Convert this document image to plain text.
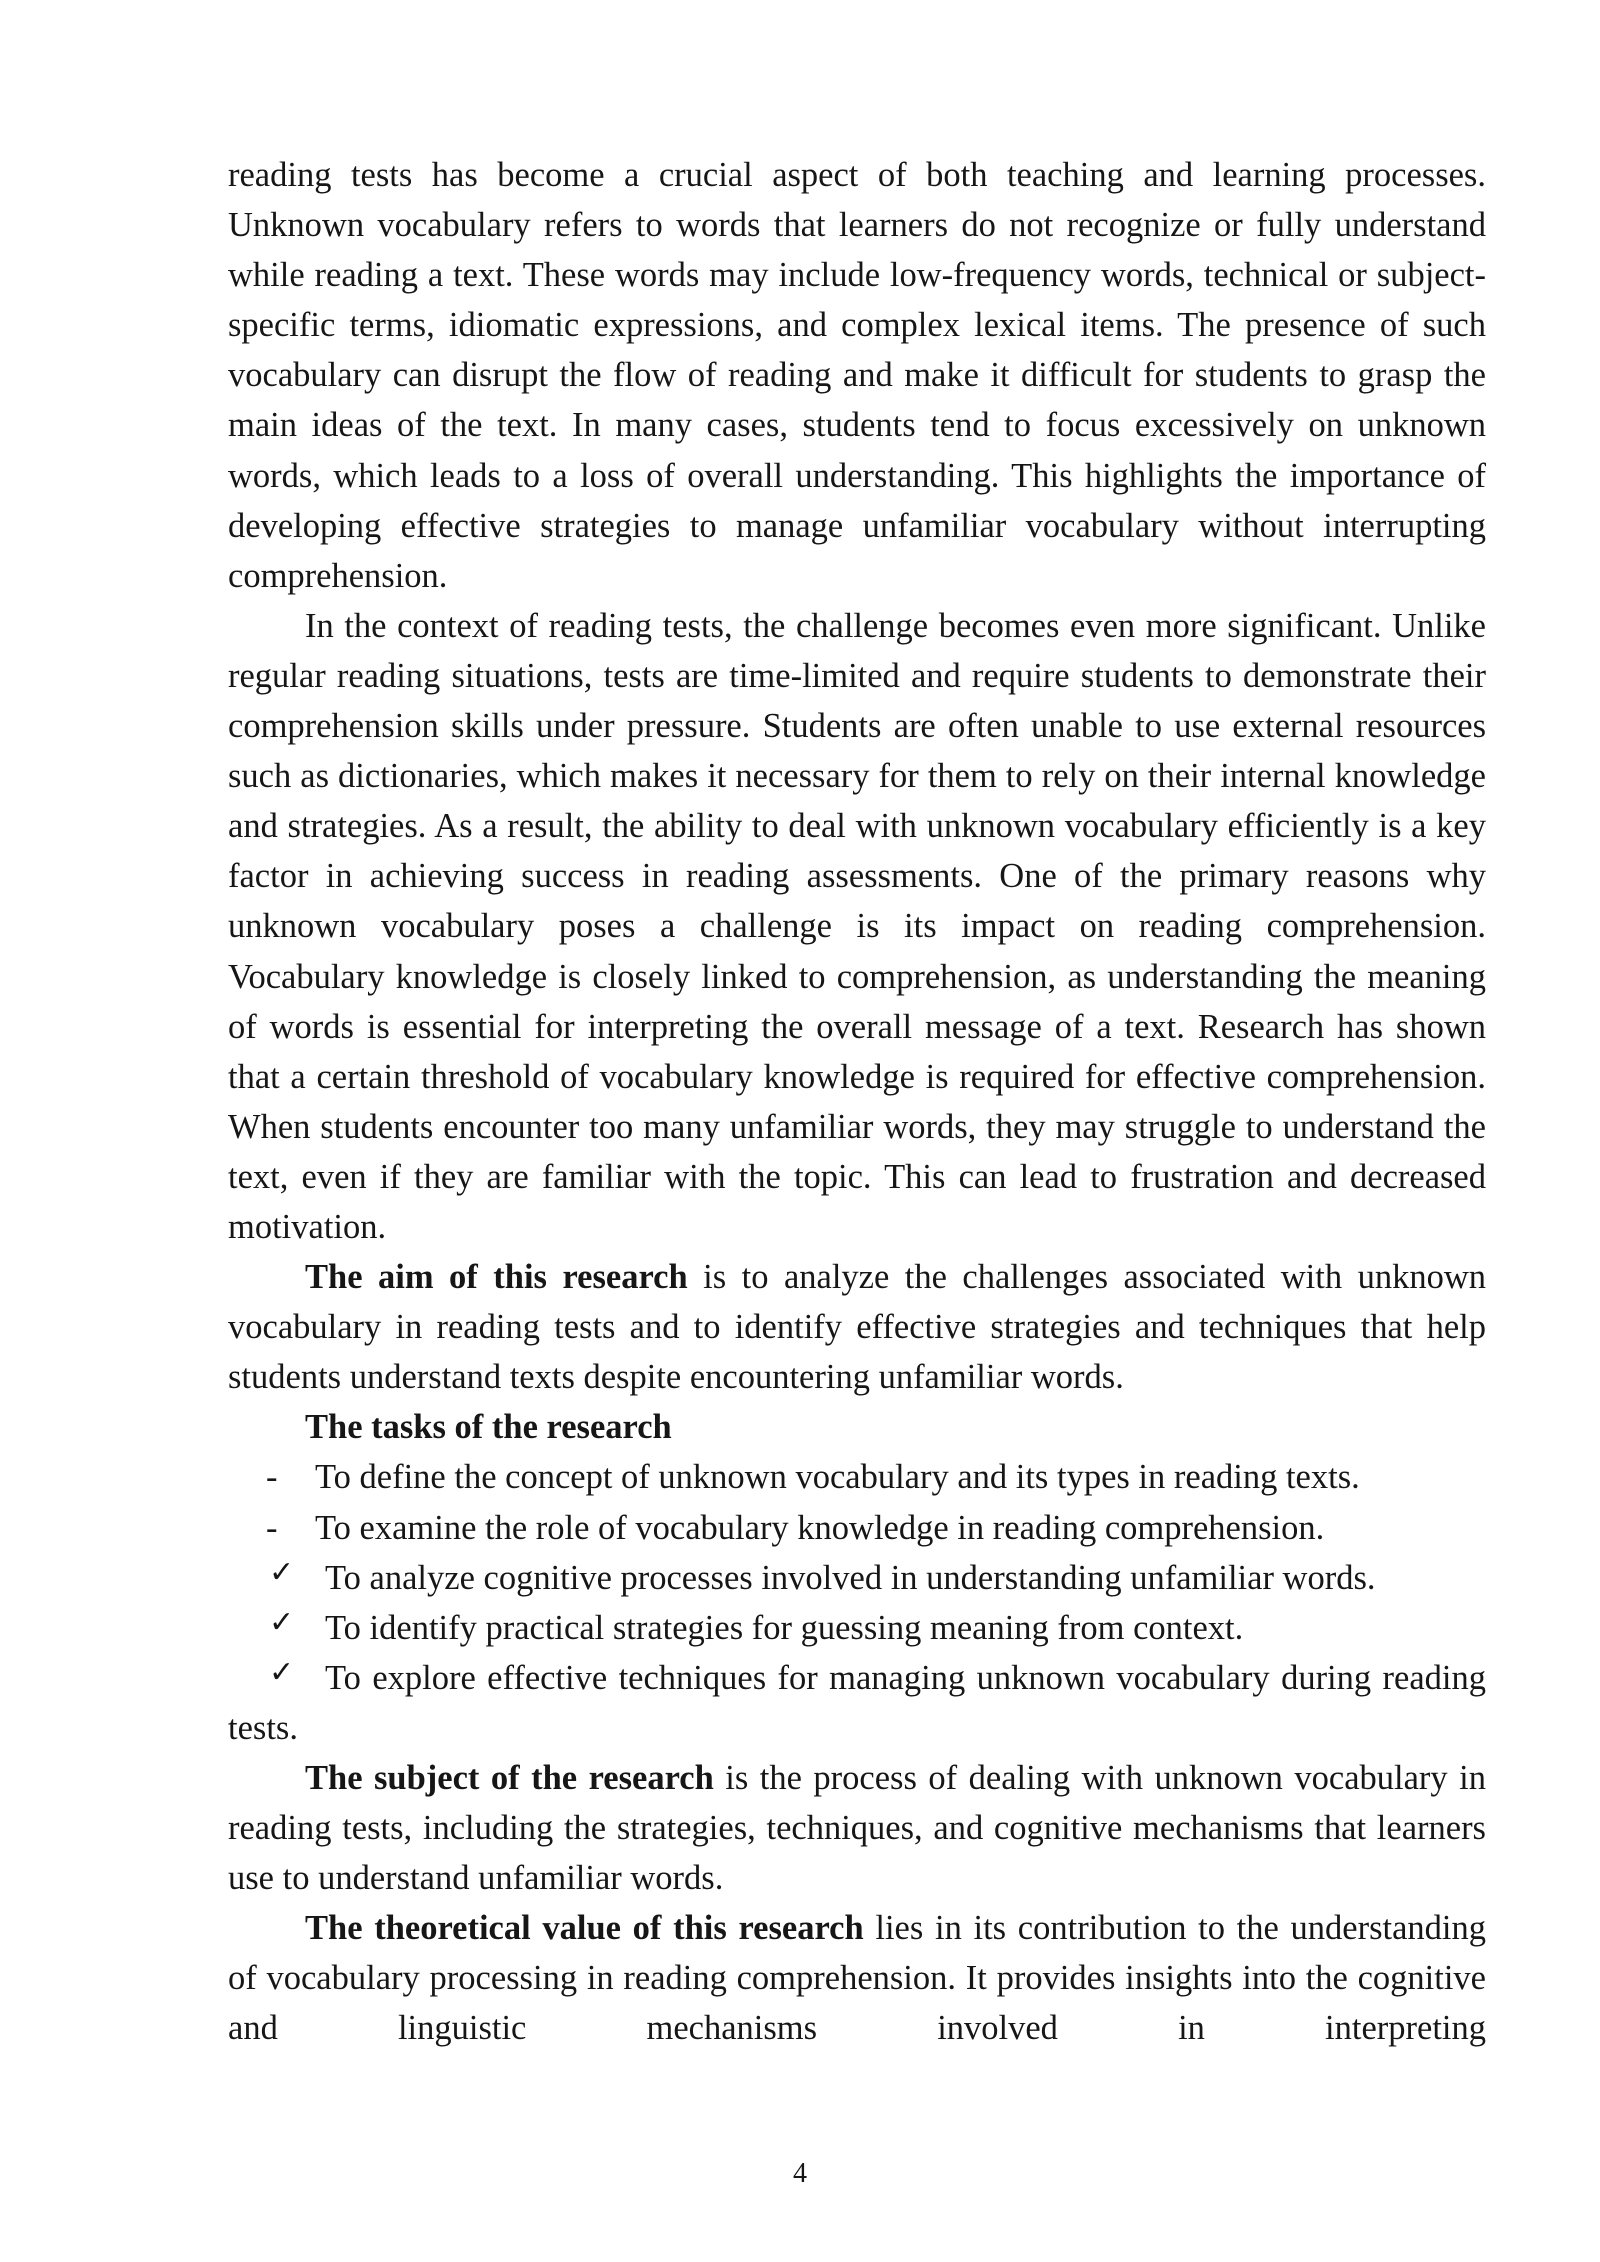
reading tests has become a crucial aspect of both teaching and learning processes. Unknown vocabulary refers to words that learners do not recognize or fully understand while reading a text. These words may include low-frequency words, technical or subject-specific terms, idiomatic expressions, and complex lexical items. The presence of such vocabulary can disrupt the flow of reading and make it difficult for students to grasp the main ideas of the text. In many cases, students tend to focus excessively on unknown words, which leads to a loss of overall understanding. This highlights the importance of developing effective strategies to manage unfamiliar vocabulary without interrupting comprehension.

In the context of reading tests, the challenge becomes even more significant. Unlike regular reading situations, tests are time-limited and require students to demonstrate their comprehension skills under pressure. Students are often unable to use external resources such as dictionaries, which makes it necessary for them to rely on their internal knowledge and strategies. As a result, the ability to deal with unknown vocabulary efficiently is a key factor in achieving success in reading assessments. One of the primary reasons why unknown vocabulary poses a challenge is its impact on reading comprehension. Vocabulary knowledge is closely linked to comprehension, as understanding the meaning of words is essential for interpreting the overall message of a text. Research has shown that a certain threshold of vocabulary knowledge is required for effective comprehension. When students encounter too many unfamiliar words, they may struggle to understand the text, even if they are familiar with the topic. This can lead to frustration and decreased motivation.

The aim of this research is to analyze the challenges associated with unknown vocabulary in reading tests and to identify effective strategies and techniques that help students understand texts despite encountering unfamiliar words.

The tasks of the research

- To define the concept of unknown vocabulary and its types in reading texts.

- To examine the role of vocabulary knowledge in reading comprehension.

✓ To analyze cognitive processes involved in understanding unfamiliar words.

✓ To identify practical strategies for guessing meaning from context.

✓ To explore effective techniques for managing unknown vocabulary during reading tests.

The subject of the research is the process of dealing with unknown vocabulary in reading tests, including the strategies, techniques, and cognitive mechanisms that learners use to understand unfamiliar words.

The theoretical value of this research lies in its contribution to the understanding of vocabulary processing in reading comprehension. It provides insights into the cognitive and linguistic mechanisms involved in interpreting

4
